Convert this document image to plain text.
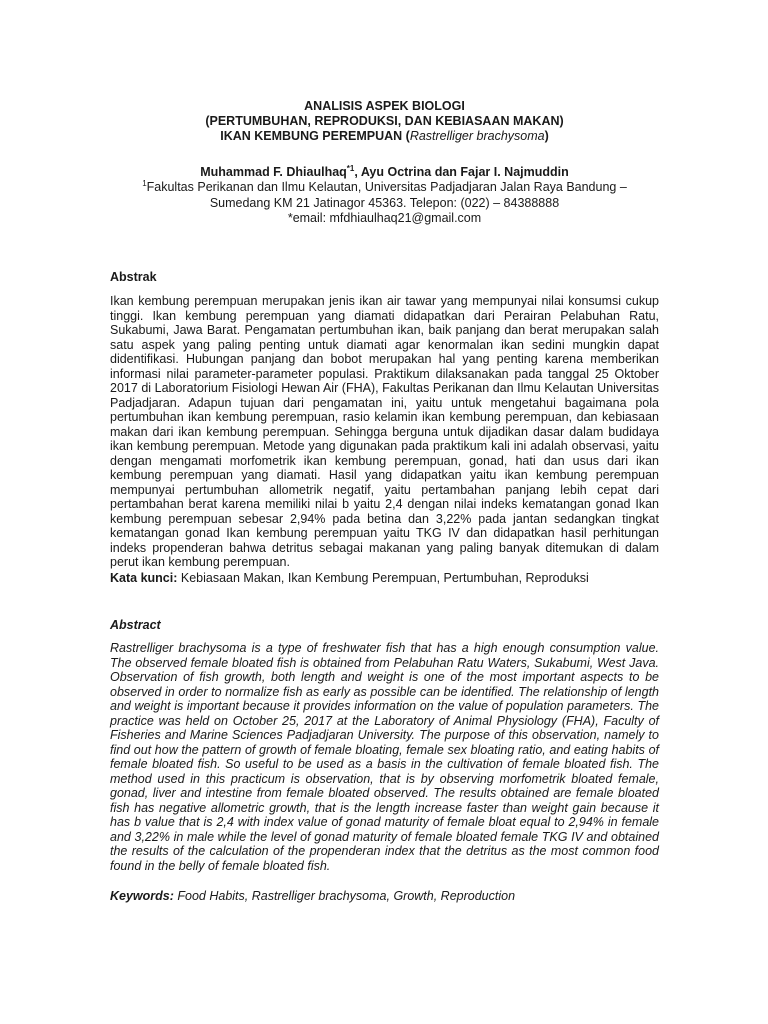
ANALISIS ASPEK BIOLOGI
(PERTUMBUHAN, REPRODUKSI, DAN KEBIASAAN MAKAN)
IKAN KEMBUNG PEREMPUAN (Rastrelliger brachysoma)
Muhammad F. Dhiaulhaq$^{*1}$, Ayu Octrina dan Fajar I. Najmuddin
$^1$Fakultas Perikanan dan Ilmu Kelautan, Universitas Padjadjaran Jalan Raya Bandung –
Sumedang KM 21 Jatinagor 45363. Telepon: (022) – 84388888
*email: mfdhiaulhaq21@gmail.com
Abstrak
Ikan kembung perempuan merupakan jenis ikan air tawar yang mempunyai nilai konsumsi cukup tinggi. Ikan kembung perempuan yang diamati didapatkan dari Perairan Pelabuhan Ratu, Sukabumi, Jawa Barat. Pengamatan pertumbuhan ikan, baik panjang dan berat merupakan salah satu aspek yang paling penting untuk diamati agar kenormalan ikan sedini mungkin dapat didentifikasi. Hubungan panjang dan bobot merupakan hal yang penting karena memberikan informasi nilai parameter-parameter populasi. Praktikum dilaksanakan pada tanggal 25 Oktober 2017 di Laboratorium Fisiologi Hewan Air (FHA), Fakultas Perikanan dan Ilmu Kelautan Universitas Padjadjaran. Adapun tujuan dari pengamatan ini, yaitu untuk mengetahui bagaimana pola pertumbuhan ikan kembung perempuan, rasio kelamin ikan kembung perempuan, dan kebiasaan makan dari ikan kembung perempuan. Sehingga berguna untuk dijadikan dasar dalam budidaya ikan kembung perempuan. Metode yang digunakan pada praktikum kali ini adalah observasi, yaitu dengan mengamati morfometrik ikan kembung perempuan, gonad, hati dan usus dari ikan kembung perempuan yang diamati. Hasil yang didapatkan yaitu ikan kembung perempuan mempunyai pertumbuhan allometrik negatif, yaitu pertambahan panjang lebih cepat dari pertambahan berat karena memiliki nilai b yaitu 2,4 dengan nilai indeks kematangan gonad Ikan kembung perempuan sebesar 2,94% pada betina dan 3,22% pada jantan sedangkan tingkat kematangan gonad Ikan kembung perempuan yaitu TKG IV dan didapatkan hasil perhitungan indeks propenderan bahwa detritus sebagai makanan yang paling banyak ditemukan di dalam perut ikan kembung perempuan.
Kata kunci: Kebiasaan Makan, Ikan Kembung Perempuan, Pertumbuhan, Reproduksi
Abstract
Rastrelliger brachysoma is a type of freshwater fish that has a high enough consumption value. The observed female bloated fish is obtained from Pelabuhan Ratu Waters, Sukabumi, West Java. Observation of fish growth, both length and weight is one of the most important aspects to be observed in order to normalize fish as early as possible can be identified. The relationship of length and weight is important because it provides information on the value of population parameters. The practice was held on October 25, 2017 at the Laboratory of Animal Physiology (FHA), Faculty of Fisheries and Marine Sciences Padjadjaran University. The purpose of this observation, namely to find out how the pattern of growth of female bloating, female sex bloating ratio, and eating habits of female bloated fish. So useful to be used as a basis in the cultivation of female bloated fish. The method used in this practicum is observation, that is by observing morfometrik bloated female, gonad, liver and intestine from female bloated observed. The results obtained are female bloated fish has negative allometric growth, that is the length increase faster than weight gain because it has b value that is 2,4 with index value of gonad maturity of female bloat equal to 2,94% in female and 3,22% in male while the level of gonad maturity of female bloated female TKG IV and obtained the results of the calculation of the propenderan index that the detritus as the most common food found in the belly of female bloated fish.
Keywords: Food Habits, Rastrelliger brachysoma, Growth, Reproduction
